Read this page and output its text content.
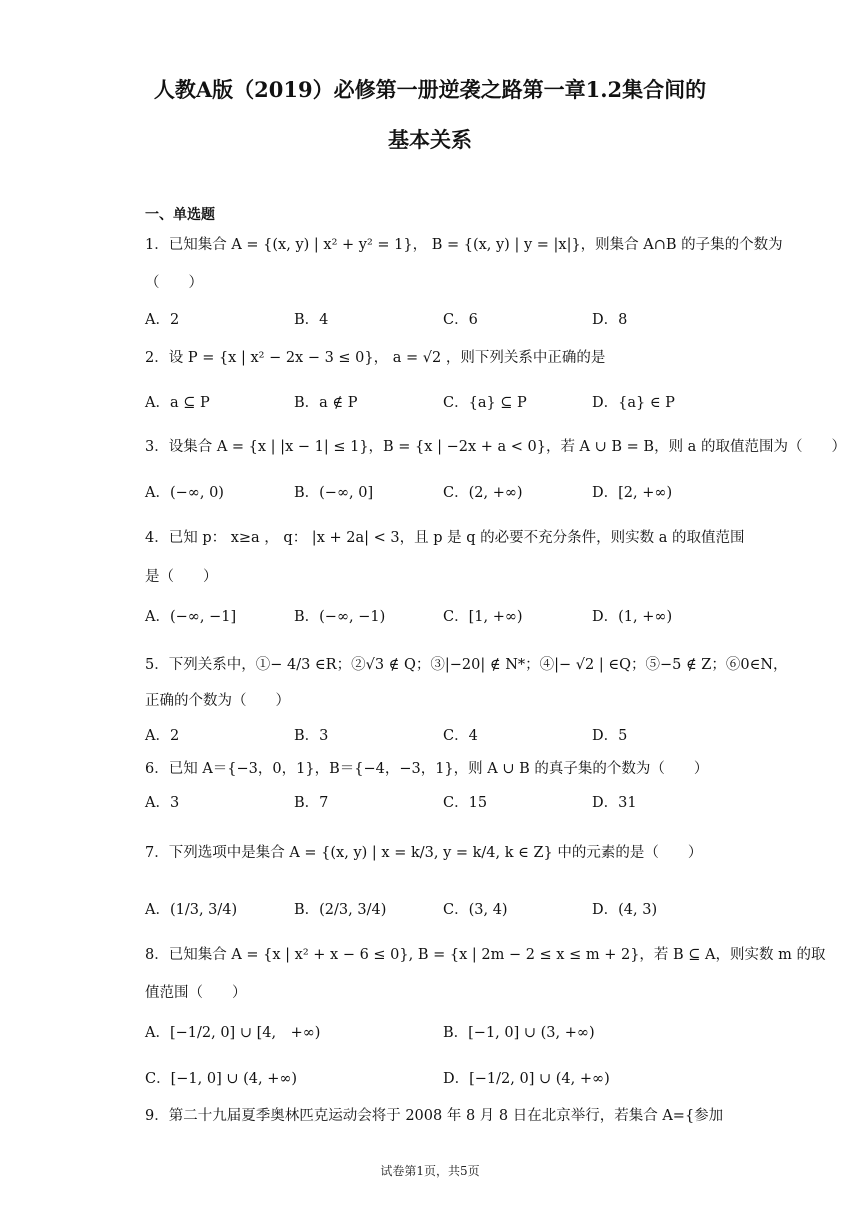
人教A版（2019）必修第一册逆袭之路第一章1.2集合间的
基本关系
一、单选题
1．已知集合 A = {(x, y) | x² + y² = 1}， B = {(x, y) | y = |x|}，则集合 A∩B 的子集的个数为
（　　）
A．2	B．4	C．6	D．8
2．设 P = {x | x² − 2x − 3 ≤ 0}， a = √2 ，则下列关系中正确的是
A．a ⊆ P	B．a ∉ P	C．{a} ⊆ P	D．{a} ∈ P
3．设集合 A = {x | |x − 1| ≤ 1}，B = {x | −2x + a < 0}，若 A ∪ B = B，则 a 的取值范围为（　　）
A．(−∞, 0)	B．(−∞, 0]	C．(2, +∞)	D．[2, +∞)
4．已知 p： x≥a ， q： |x + 2a| < 3，且 p 是 q 的必要不充分条件，则实数 a 的取值范围
是（　　）
A．(−∞, −1]	B．(−∞, −1)	C．[1, +∞)	D．(1, +∞)
5．下列关系中，①− 4/3 ∈R；②√3 ∉ Q；③|−20| ∉ N*；④|− √2 | ∈Q；⑤−5 ∉ Z；⑥0∈N，
正确的个数为（　　）
A．2	B．3	C．4	D．5
6．已知 A＝{−3，0，1}，B＝{−4，−3，1}，则 A ∪ B 的真子集的个数为（　　）
A．3	B．7	C．15	D．31
7．下列选项中是集合 A = {(x, y) | x = k/3, y = k/4, k ∈ Z} 中的元素的是（　　）
A．(1/3, 3/4)	B．(2/3, 3/4)	C．(3, 4)	D．(4, 3)
8．已知集合 A = {x | x² + x − 6 ≤ 0}, B = {x | 2m − 2 ≤ x ≤ m + 2}，若 B ⊆ A，则实数 m 的取
值范围（　　）
A．[−1/2, 0] ∪ [4,　+∞)	B．[−1, 0] ∪ (3, +∞)
C．[−1, 0] ∪ (4, +∞)	D．[−1/2, 0] ∪ (4, +∞)
9．第二十九届夏季奥林匹克运动会将于 2008 年 8 月 8 日在北京举行，若集合 A={参加
试卷第1页，共5页
